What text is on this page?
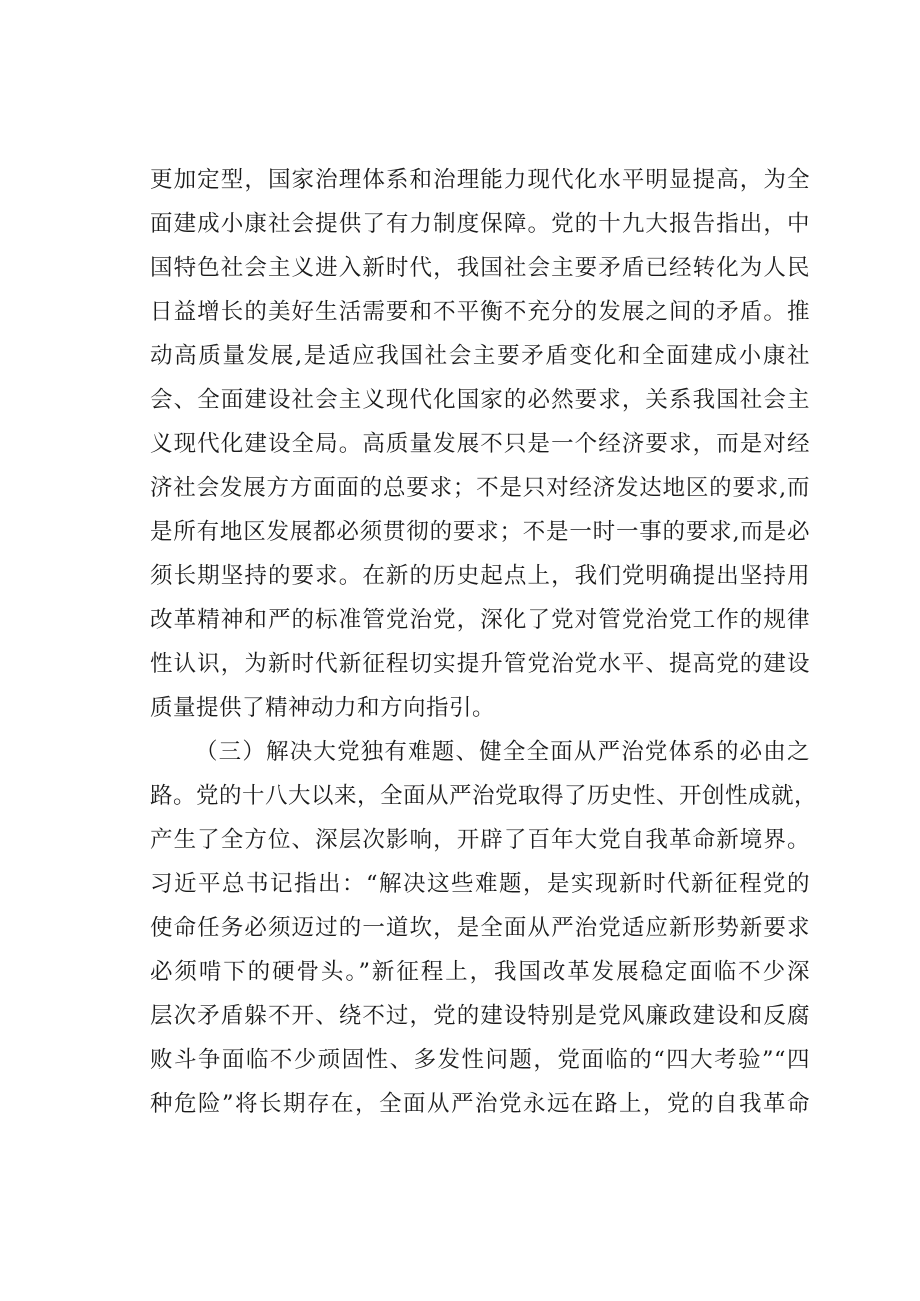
更加定型，国家治理体系和治理能力现代化水平明显提高，为全
面建成小康社会提供了有力制度保障。党的十九大报告指出，中
国特色社会主义进入新时代，我国社会主要矛盾已经转化为人民
日益增长的美好生活需要和不平衡不充分的发展之间的矛盾。推
动高质量发展,是适应我国社会主要矛盾变化和全面建成小康社
会、全面建设社会主义现代化国家的必然要求，关系我国社会主
义现代化建设全局。高质量发展不只是一个经济要求，而是对经
济社会发展方方面面的总要求；不是只对经济发达地区的要求,而
是所有地区发展都必须贯彻的要求；不是一时一事的要求,而是必
须长期坚持的要求。在新的历史起点上，我们党明确提出坚持用
改革精神和严的标准管党治党，深化了党对管党治党工作的规律
性认识，为新时代新征程切实提升管党治党水平、提高党的建设
质量提供了精神动力和方向指引。
（三）解决大党独有难题、健全全面从严治党体系的必由之
路。党的十八大以来，全面从严治党取得了历史性、开创性成就，
产生了全方位、深层次影响，开辟了百年大党自我革命新境界。
习近平总书记指出：“解决这些难题，是实现新时代新征程党的
使命任务必须迈过的一道坎，是全面从严治党适应新形势新要求
必须啃下的硬骨头。”新征程上，我国改革发展稳定面临不少深
层次矛盾躲不开、绕不过，党的建设特别是党风廉政建设和反腐
败斗争面临不少顽固性、多发性问题，党面临的“四大考验”“四
种危险”将长期存在，全面从严治党永远在路上，党的自我革命
